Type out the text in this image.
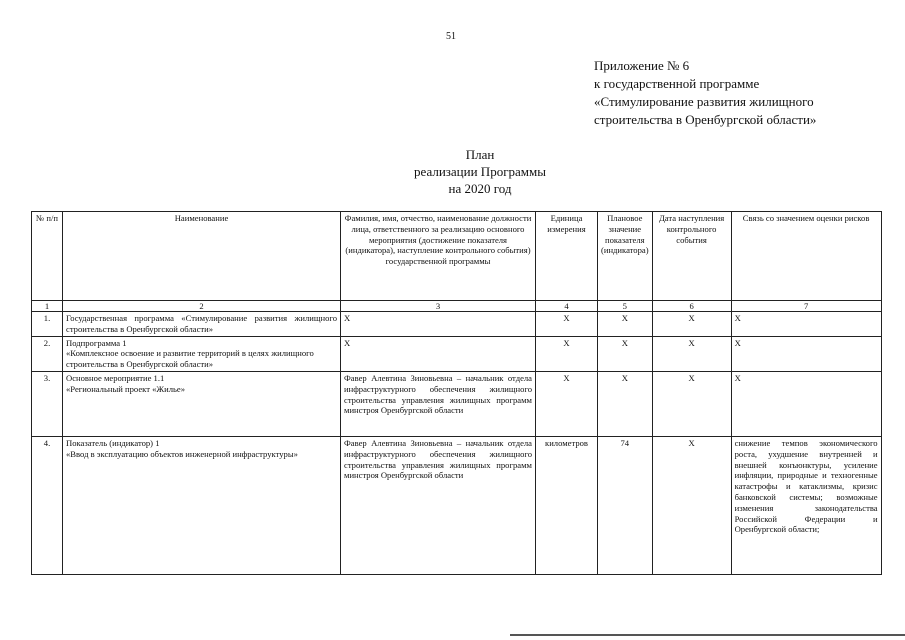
51
Приложение № 6
к государственной программе
«Стимулирование развития жилищного
строительства в Оренбургской области»
План
реализации Программы
на 2020 год
№ п/п	Наименование	Фамилия, имя, отчество, наименование должности лица, ответственного за реализацию основного мероприятия (достижение показателя (индикатора), наступление контрольного события) государственной программы	Единица измерения	Плановое значение показателя (индикатора)	Дата наступления контрольного события	Связь со значением оценки рисков
1	2	3	4	5	6	7
1.	Государственная программа «Стимулирование развития жилищного строительства в Оренбургской области»	Х	Х	Х	Х	Х
2.	Подпрограмма 1
«Комплексное освоение и развитие территорий в целях жилищного строительства в Оренбургской области»	Х	Х	Х	Х	Х
3.	Основное мероприятие 1.1
«Региональный проект «Жилье»	Фавер Алевтина Зиновьевна – начальник отдела инфраструктурного обеспечения жилищного строительства управления жилищных программ минстроя Оренбургской области	Х	Х	Х	Х
4.	Показатель (индикатор) 1
«Ввод в эксплуатацию объектов инженерной инфраструктуры»	Фавер Алевтина Зиновьевна – начальник отдела инфраструктурного обеспечения жилищного строительства управления жилищных программ минстроя Оренбургской области	километров	74	Х	снижение темпов экономического роста, ухудшение внутренней и внешней конъюнктуры, усиление инфляции, природные и техногенные катастрофы и катаклизмы, кризис банковской системы; возможные изменения законодательства Российской Федерации и Оренбургской области;
